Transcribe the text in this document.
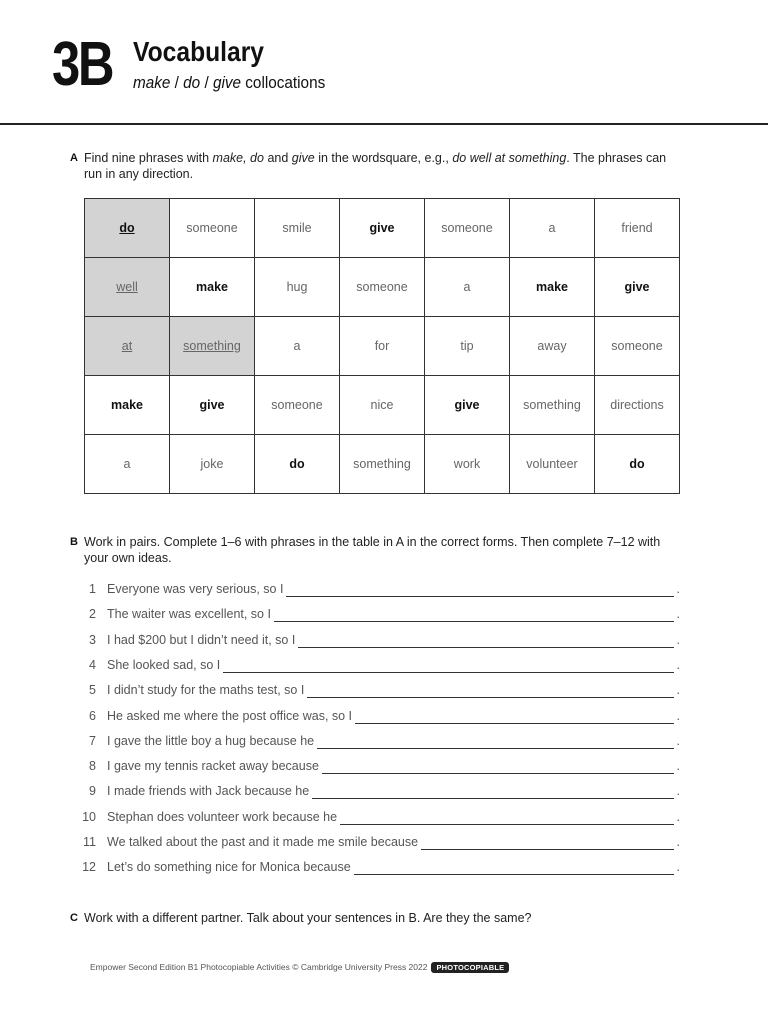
3B Vocabulary
make / do / give collocations
A Find nine phrases with make, do and give in the wordsquare, e.g., do well at something. The phrases can run in any direction.
do	someone	smile	give	someone	a	friend
well	make	hug	someone	a	make	give
at	something	a	for	tip	away	someone
make	give	someone	nice	give	something	directions
a	joke	do	something	work	volunteer	do
B Work in pairs. Complete 1–6 with phrases in the table in A in the correct forms. Then complete 7–12 with your own ideas.
1 Everyone was very serious, so I	.
2 The waiter was excellent, so I	.
3 I had $200 but I didn’t need it, so I	.
4 She looked sad, so I	.
5 I didn’t study for the maths test, so I	.
6 He asked me where the post office was, so I	.
7 I gave the little boy a hug because he	.
8 I gave my tennis racket away because	.
9 I made friends with Jack because he	.
10 Stephan does volunteer work because he	.
11 We talked about the past and it made me smile because	.
12 Let’s do something nice for Monica because	.
C Work with a different partner. Talk about your sentences in B. Are they the same?
Empower Second Edition B1 Photocopiable Activities © Cambridge University Press 2022 PHOTOCOPIABLE
